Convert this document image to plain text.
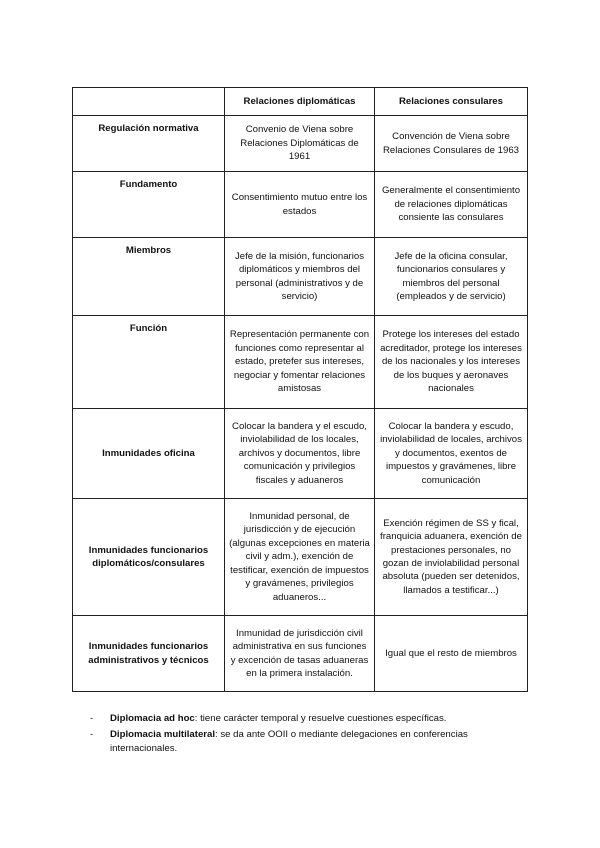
	Relaciones diplomáticas	Relaciones consulares
Regulación normativa	Convenio de Viena sobre Relaciones Diplomáticas de 1961	Convención de Viena sobre Relaciones Consulares de 1963
Fundamento	Consentimiento mutuo entre los estados	Generalmente el consentimiento de relaciones diplomáticas consiente las consulares
Miembros	Jefe de la misión, funcionarios diplomáticos y miembros del personal (administrativos y de servicio)	Jefe de la oficina consular, funcionarios consulares y miembros del personal (empleados y de servicio)
Función	Representación permanente con funciones como representar al estado, pretefer sus intereses, negociar y fomentar relaciones amistosas	Protege los intereses del estado acreditador, protege los intereses de los nacionales y los intereses de los buques y aeronaves nacionales
Inmunidades oficina	Colocar la bandera y el escudo, inviolabilidad de los locales, archivos y documentos, libre comunicación y privilegios fiscales y aduaneros	Colocar la bandera y escudo, inviolabilidad de locales, archivos y documentos, exentos de impuestos y gravámenes, libre comunicación
Inmunidades funcionarios diplomáticos/consulares	Inmunidad personal, de jurisdicción y de ejecución (algunas excepciones en materia civil y adm.), exención de testificar, exención de impuestos y gravámenes, privilegios aduaneros...	Exención régimen de SS y fical, franquicia aduanera, exención de prestaciones personales, no gozan de inviolabilidad personal absoluta (pueden ser detenidos, llamados a testificar...)
Inmunidades funcionarios administrativos y técnicos	Inmunidad de jurisdicción civil administrativa en sus funciones y excención de tasas aduaneras en la primera instalación.	Igual que el resto de miembros
- Diplomacia ad hoc: tiene carácter temporal y resuelve cuestiones específicas.
- Diplomacia multilateral: se da ante OOII o mediante delegaciones en conferencias internacionales.
